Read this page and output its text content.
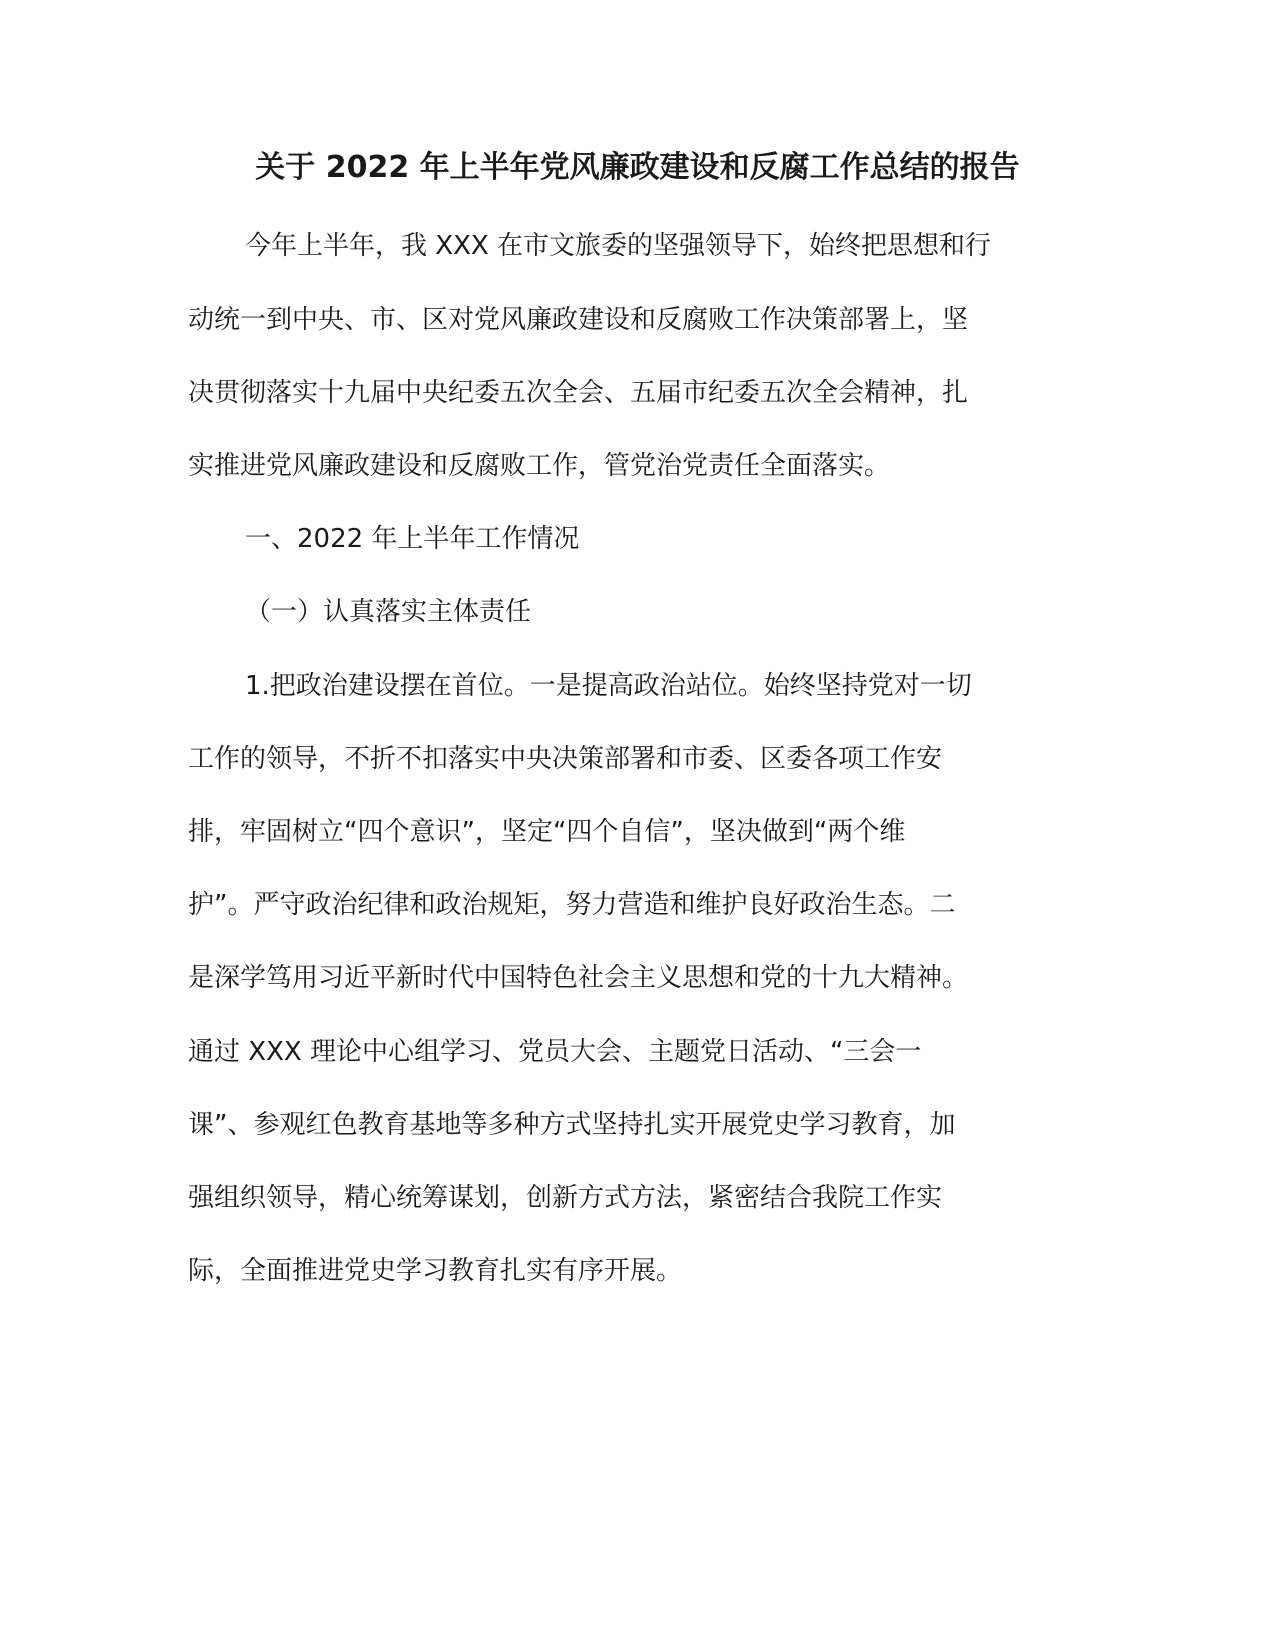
关于 2022 年上半年党风廉政建设和反腐工作总结的报告
今年上半年，我 XXX 在市文旅委的坚强领导下，始终把思想和行
动统一到中央、市、区对党风廉政建设和反腐败工作决策部署上，坚
决贯彻落实十九届中央纪委五次全会、五届市纪委五次全会精神，扎
实推进党风廉政建设和反腐败工作，管党治党责任全面落实。
一、2022 年上半年工作情况
（一）认真落实主体责任
1.把政治建设摆在首位。一是提高政治站位。始终坚持党对一切
工作的领导，不折不扣落实中央决策部署和市委、区委各项工作安
排，牢固树立“四个意识”，坚定“四个自信”，坚决做到“两个维
护”。严守政治纪律和政治规矩，努力营造和维护良好政治生态。二
是深学笃用习近平新时代中国特色社会主义思想和党的十九大精神。
通过 XXX 理论中心组学习、党员大会、主题党日活动、“三会一
课”、参观红色教育基地等多种方式坚持扎实开展党史学习教育，加
强组织领导，精心统筹谋划，创新方式方法，紧密结合我院工作实
际，全面推进党史学习教育扎实有序开展。
